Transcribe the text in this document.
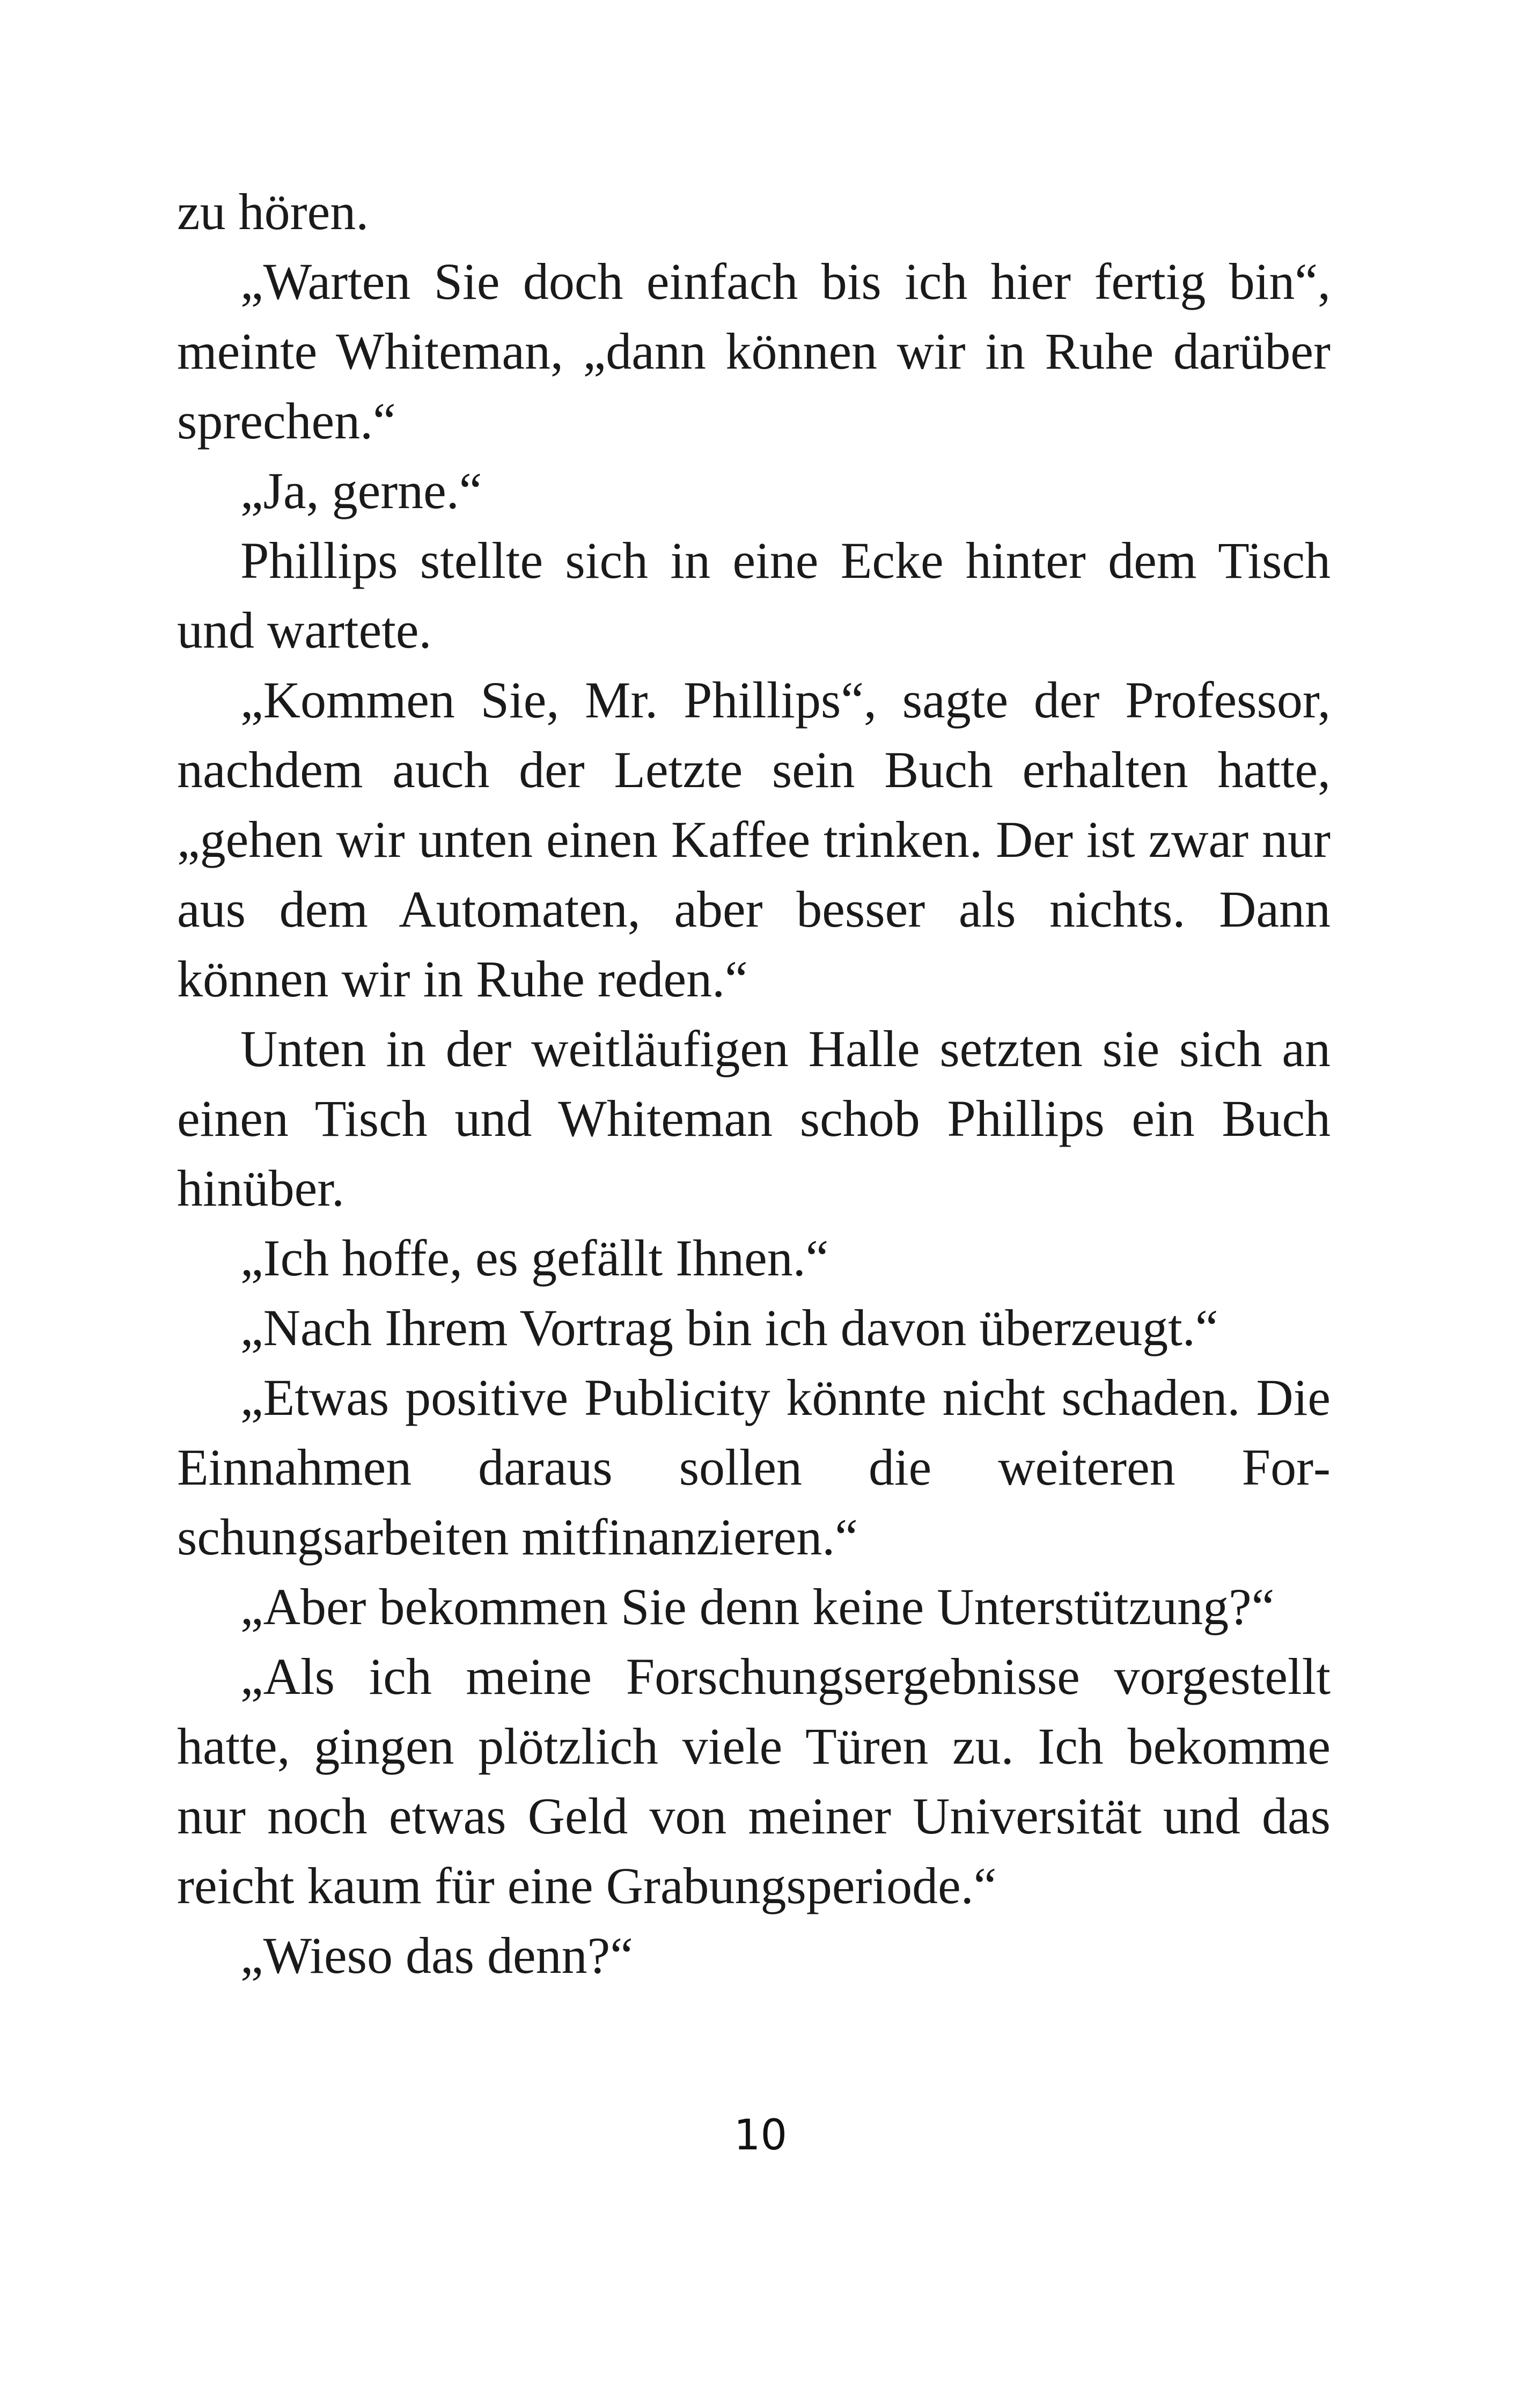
zu hören.

„Warten Sie doch einfach bis ich hier fertig bin“, meinte Whiteman, „dann können wir in Ruhe darüber sprechen.“

„Ja, gerne.“

Phillips stellte sich in eine Ecke hinter dem Tisch und wartete.

„Kommen Sie, Mr. Phillips“, sagte der Professor, nachdem auch der Letzte sein Buch erhalten hatte, „gehen wir unten einen Kaffee trinken. Der ist zwar nur aus dem Automaten, aber besser als nichts. Dann können wir in Ruhe reden.“

Unten in der weitläufigen Halle setzten sie sich an einen Tisch und Whiteman schob Phillips ein Buch hinüber.

„Ich hoffe, es gefällt Ihnen.“

„Nach Ihrem Vortrag bin ich davon überzeugt.“

„Etwas positive Publicity könnte nicht schaden. Die Einnahmen daraus sollen die weiteren Forschungsarbeiten mitfinanzieren.“

„Aber bekommen Sie denn keine Unterstützung?“

„Als ich meine Forschungsergebnisse vorgestellt hatte, gingen plötzlich viele Türen zu. Ich bekomme nur noch etwas Geld von meiner Universität und das reicht kaum für eine Grabungsperiode.“

„Wieso das denn?“

10
